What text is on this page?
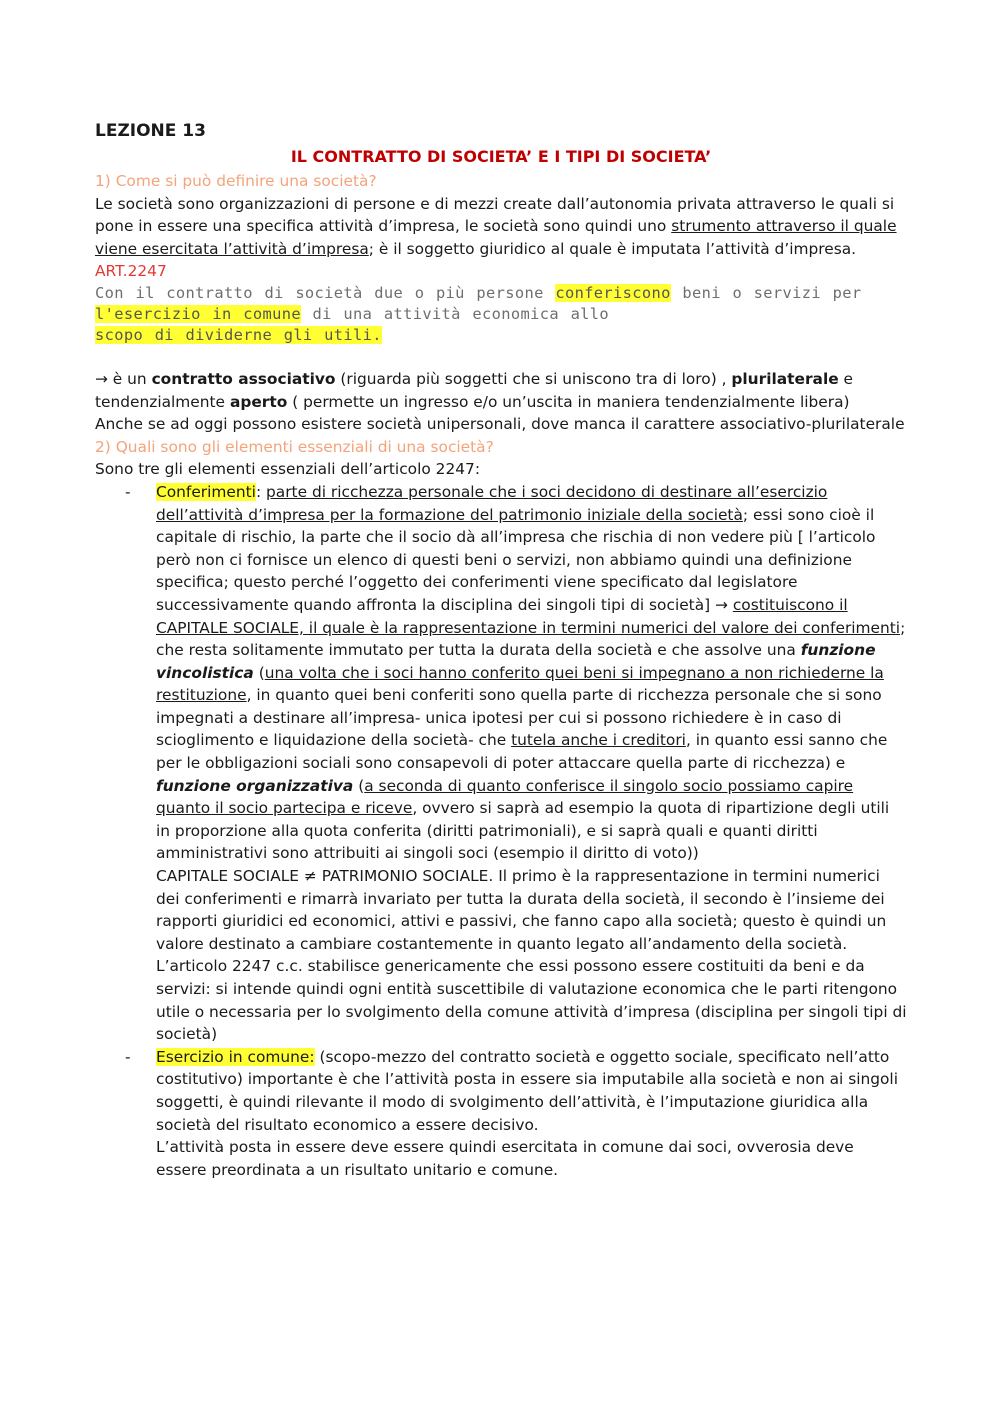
LEZIONE 13

IL CONTRATTO DI SOCIETA’ E I TIPI DI SOCIETA’

1) Come si può definire una società?

Le società sono organizzazioni di persone e di mezzi create dall’autonomia privata attraverso le quali si pone in essere una specifica attività d’impresa, le società sono quindi uno strumento attraverso il quale viene esercitata l’attività d’impresa; è il soggetto giuridico al quale è imputata l’attività d’impresa.

ART.2247

Con il contratto di società due o più persone conferiscono beni o servizi per l'esercizio in comune di una attività economica allo
scopo di dividerne gli utili.

→ è un contratto associativo (riguarda più soggetti che si uniscono tra di loro) , plurilaterale e tendenzialmente aperto ( permette un ingresso e/o un’uscita in maniera tendenzialmente libera)

Anche se ad oggi possono esistere società unipersonali, dove manca il carattere associativo-plurilaterale

2) Quali sono gli elementi essenziali di una società?

Sono tre gli elementi essenziali dell’articolo 2247:

- Conferimenti: parte di ricchezza personale che i soci decidono di destinare all’esercizio dell’attività d’impresa per la formazione del patrimonio iniziale della società; essi sono cioè il capitale di rischio, la parte che il socio dà all’impresa che rischia di non vedere più [ l’articolo però non ci fornisce un elenco di questi beni o servizi, non abbiamo quindi una definizione specifica; questo perché l’oggetto dei conferimenti viene specificato dal legislatore successivamente quando affronta la disciplina dei singoli tipi di società] → costituiscono il CAPITALE SOCIALE, il quale è la rappresentazione in termini numerici del valore dei conferimenti; che resta solitamente immutato per tutta la durata della società e che assolve una funzione vincolistica (una volta che i soci hanno conferito quei beni si impegnano a non richiederne la restituzione, in quanto quei beni conferiti sono quella parte di ricchezza personale che si sono impegnati a destinare all’impresa- unica ipotesi per cui si possono richiedere è in caso di scioglimento e liquidazione della società- che tutela anche i creditori, in quanto essi sanno che per le obbligazioni sociali sono consapevoli di poter attaccare quella parte di ricchezza) e funzione organizzativa (a seconda di quanto conferisce il singolo socio possiamo capire quanto il socio partecipa e riceve, ovvero si saprà ad esempio la quota di ripartizione degli utili in proporzione alla quota conferita (diritti patrimoniali), e si saprà quali e quanti diritti amministrativi sono attribuiti ai singoli soci (esempio il diritto di voto))

CAPITALE SOCIALE ≠ PATRIMONIO SOCIALE. Il primo è la rappresentazione in termini numerici dei conferimenti e rimarrà invariato per tutta la durata della società, il secondo è l’insieme dei rapporti giuridici ed economici, attivi e passivi, che fanno capo alla società; questo è quindi un valore destinato a cambiare costantemente in quanto legato all’andamento della società.

L’articolo 2247 c.c. stabilisce genericamente che essi possono essere costituiti da beni e da servizi: si intende quindi ogni entità suscettibile di valutazione economica che le parti ritengono utile o necessaria per lo svolgimento della comune attività d’impresa (disciplina per singoli tipi di società)

- Esercizio in comune: (scopo-mezzo del contratto società e oggetto sociale, specificato nell’atto costitutivo) importante è che l’attività posta in essere sia imputabile alla società e non ai singoli soggetti, è quindi rilevante il modo di svolgimento dell’attività, è l’imputazione giuridica alla società del risultato economico a essere decisivo.

L’attività posta in essere deve essere quindi esercitata in comune dai soci, ovverosia deve essere preordinata a un risultato unitario e comune.
